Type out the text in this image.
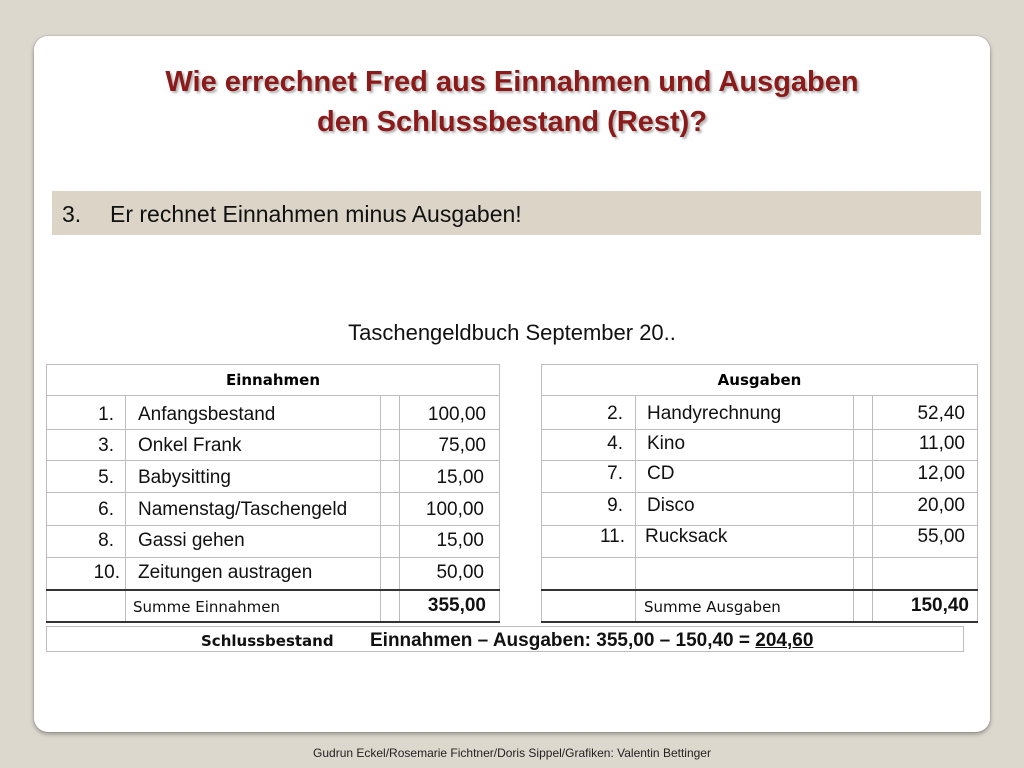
Wie errechnet Fred aus Einnahmen und Ausgaben
den Schlussbestand (Rest)?
3. Er rechnet Einnahmen minus Ausgaben!
Taschengeldbuch September 20..
Einnahmen
1. Anfangsbestand	100,00
3. Onkel Frank	75,00
5. Babysitting	15,00
6. Namenstag/Taschengeld	100,00
8. Gassi gehen	15,00
10. Zeitungen austragen	50,00
Summe Einnahmen	355,00
Ausgaben
2. Handyrechnung	52,40
4. Kino	11,00
7. CD	12,00
9. Disco	20,00
11. Rucksack	55,00
Summe Ausgaben	150,40
Schlussbestand Einnahmen – Ausgaben: 355,00 – 150,40 = 204,60
Gudrun Eckel/Rosemarie Fichtner/Doris Sippel/Grafiken: Valentin Bettinger
